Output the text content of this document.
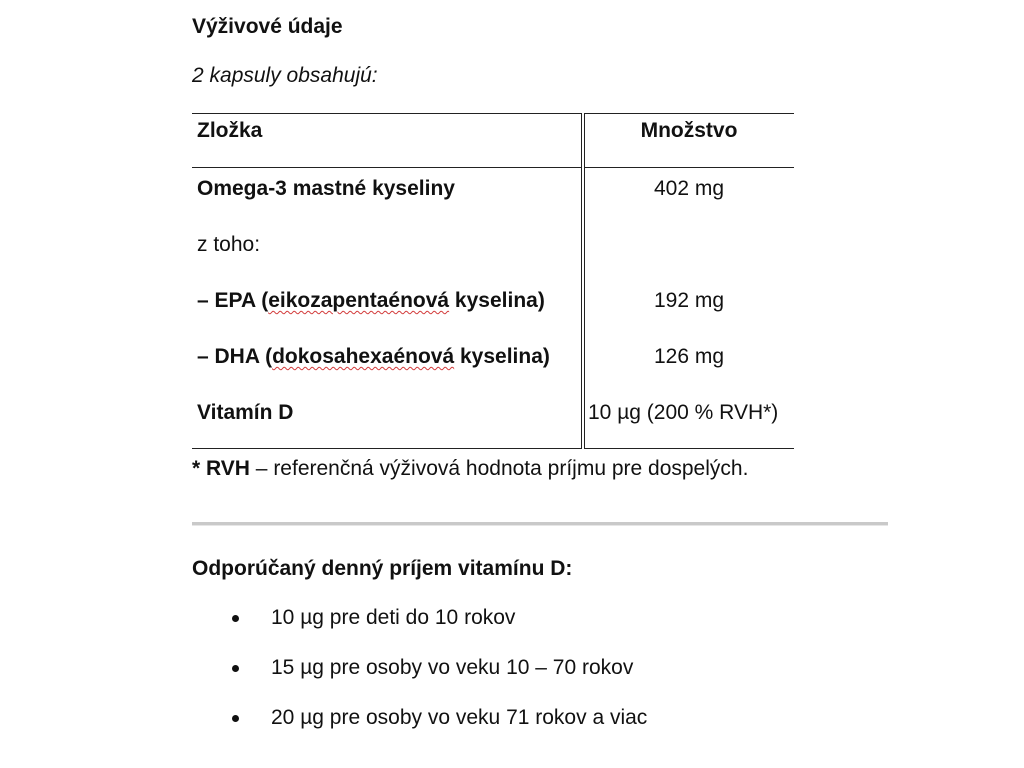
Výživové údaje
2 kapsuly obsahujú:
Zložka	Množstvo
Omega-3 mastné kyseliny	402 mg
z toho:
– EPA (eikozapentaénová kyselina)	192 mg
– DHA (dokosahexaénová kyselina)	126 mg
Vitamín D	10 µg (200 % RVH*)
* RVH – referenčná výživová hodnota príjmu pre dospelých.
Odporúčaný denný príjem vitamínu D:
10 µg pre deti do 10 rokov
15 µg pre osoby vo veku 10 – 70 rokov
20 µg pre osoby vo veku 71 rokov a viac
